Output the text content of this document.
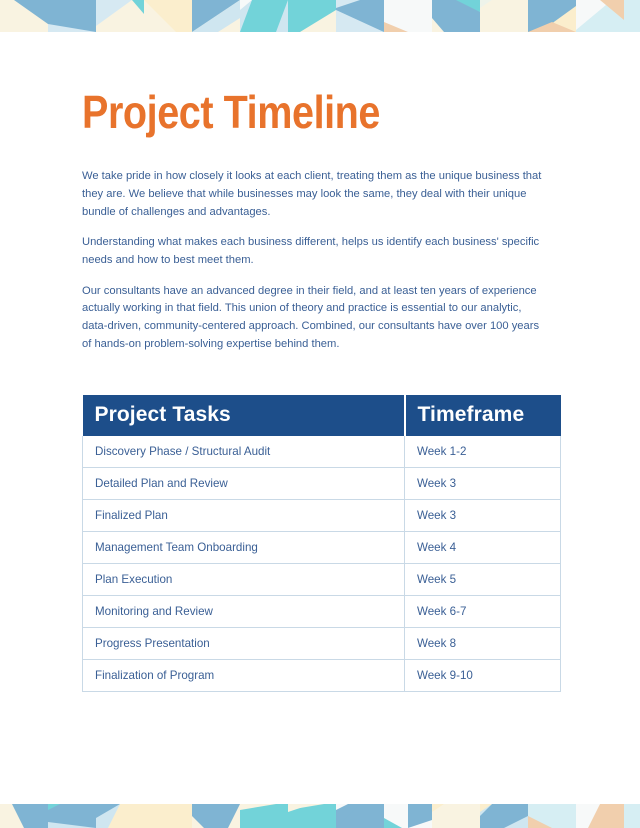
Project Timeline

We take pride in how closely it looks at each client, treating them as the unique business that they are. We believe that while businesses may look the same, they deal with their unique bundle of challenges and advantages.

Understanding what makes each business different, helps us identify each business' specific needs and how to best meet them.

Our consultants have an advanced degree in their field, and at least ten years of experience actually working in that field. This union of theory and practice is essential to our analytic, data-driven, community-centered approach. Combined, our consultants have over 100 years of hands-on problem-solving expertise behind them.

Project Tasks	Timeframe
Discovery Phase / Structural Audit	Week 1-2
Detailed Plan and Review	Week 3
Finalized Plan	Week 3
Management Team Onboarding	Week 4
Plan Execution	Week 5
Monitoring and Review	Week 6-7
Progress Presentation	Week 8
Finalization of Program	Week 9-10
